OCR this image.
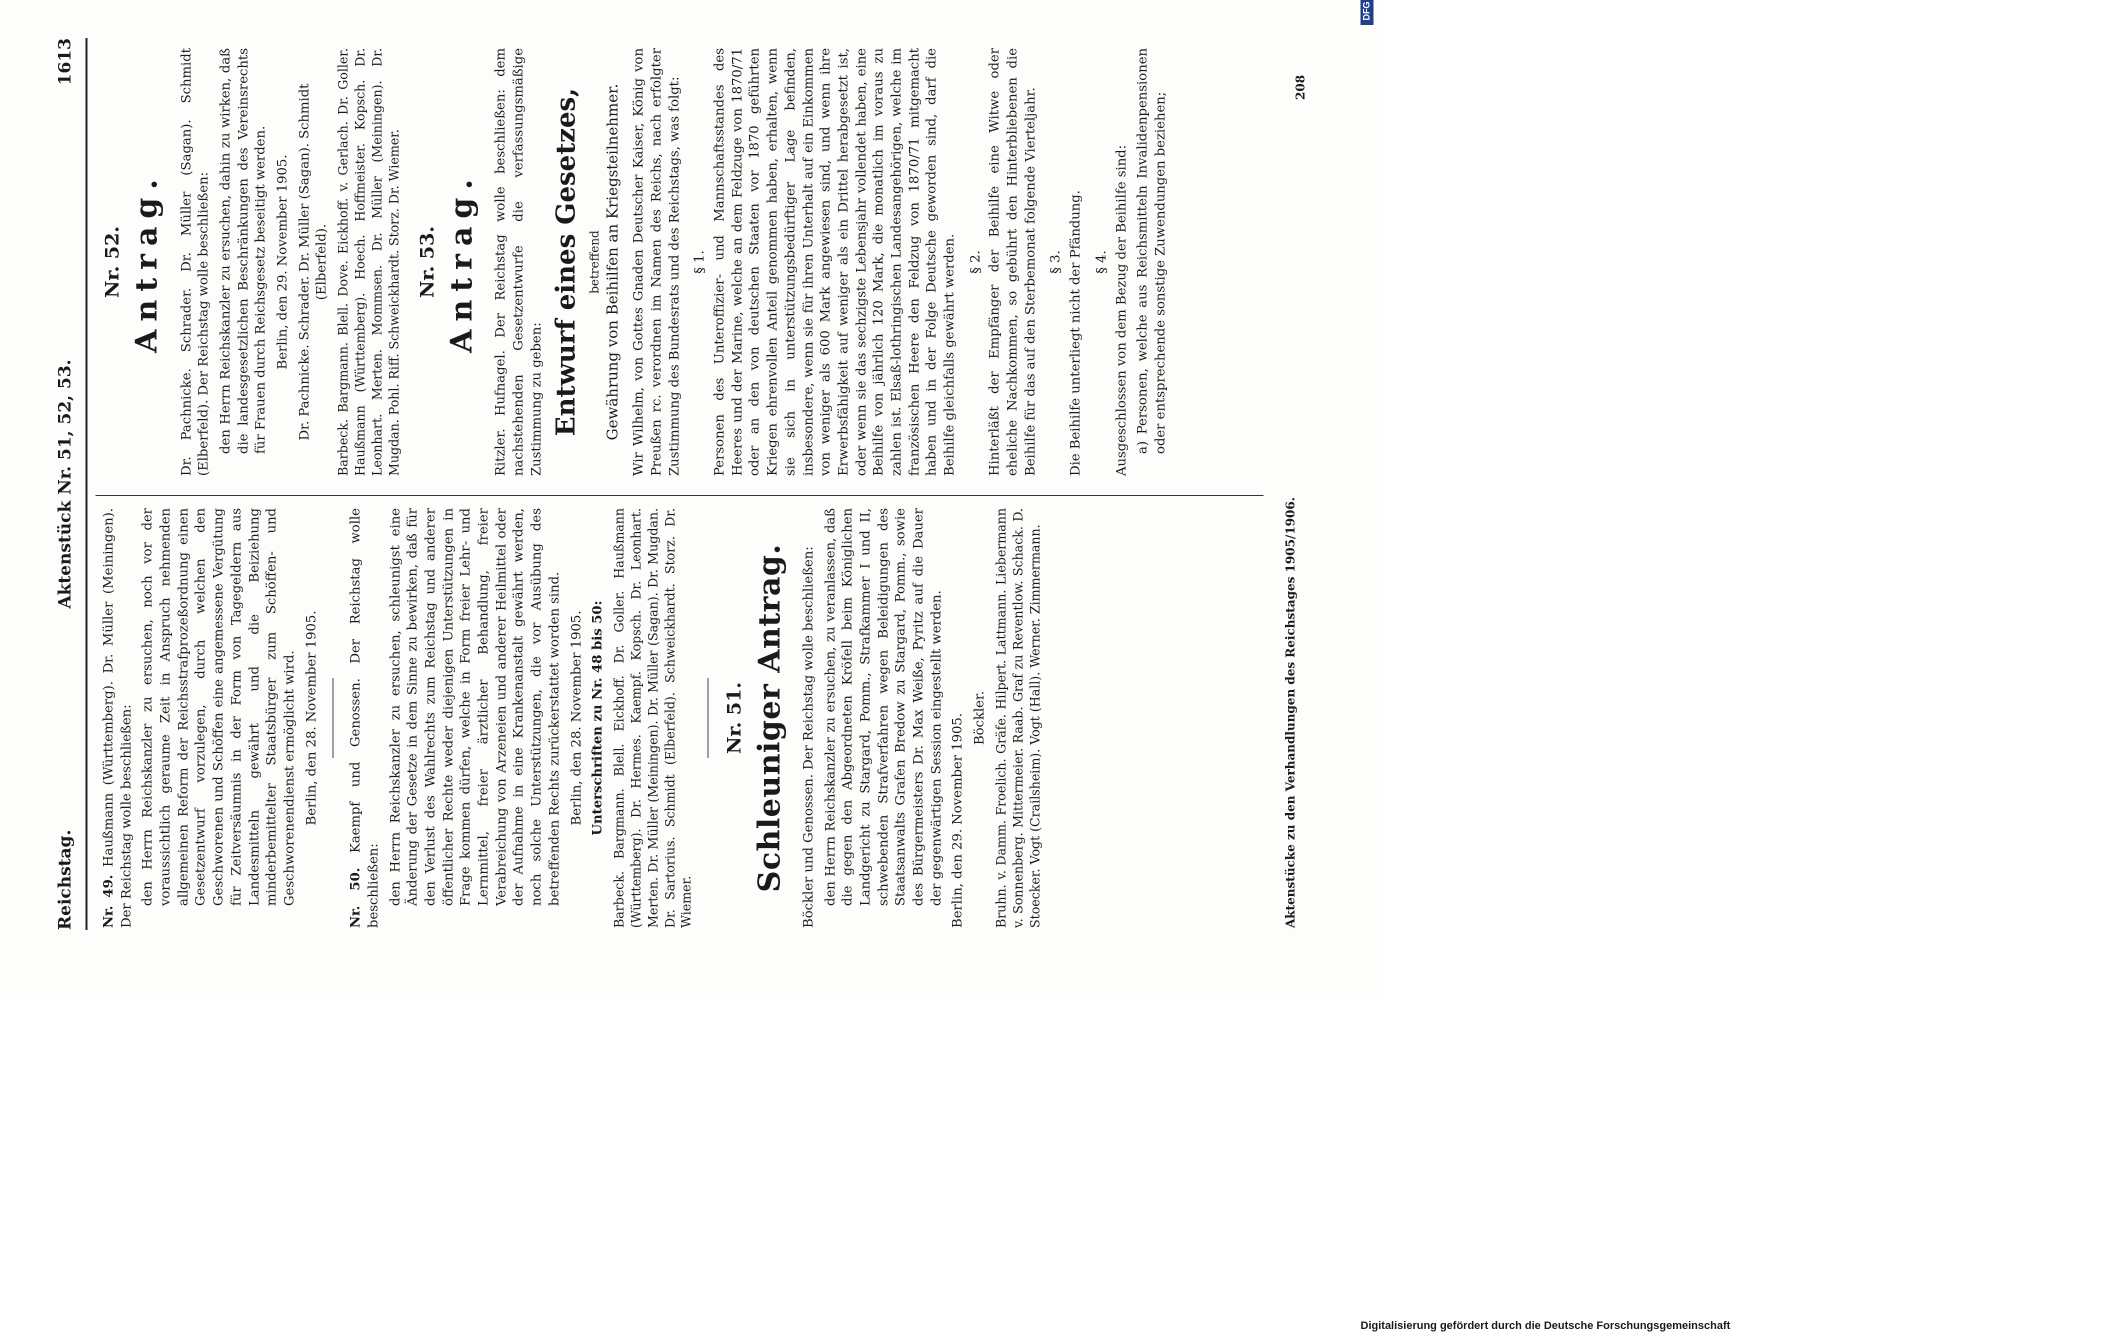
Reichstag.
Aktenstück Nr. 51, 52, 53.
1613

Nr. 49. Haußmann (Württemberg). Dr. Müller (Meiningen). Der Reichstag wolle beschließen: den Herrn Reichskanzler zu ersuchen, noch vor der voraussichtlich geraume Zeit in Anspruch nehmenden allgemeinen Reform der Reichsstrafprozeßordnung einen Gesetzentwurf vorzulegen, durch welchen den Geschworenen und Schöffen eine angemessene Vergütung für Zeitversäumnis in der Form von Tagegeldern aus Landesmitteln gewährt und die Beiziehung minderbemittelter Staatsbürger zum Schöffen- und Geschworenendienst ermöglicht wird. Berlin, den 28. November 1905.

Nr. 50. Kaempf und Genossen. Der Reichstag wolle beschließen: den Herrn Reichskanzler zu ersuchen, schleunigst eine Änderung der Gesetze in dem Sinne zu bewirken, daß für den Verlust des Wahlrechts zum Reichstag und anderer öffentlicher Rechte weder diejenigen Unterstützungen in Frage kommen dürfen, welche in Form freier Lehr- und Lernmittel, freier ärztlicher Behandlung, freier Verabreichung von Arzeneien und anderer Heilmittel oder der Aufnahme in eine Krankenanstalt gewährt werden, noch solche Unterstützungen, die vor Ausübung des betreffenden Rechts zurückerstattet worden sind. Berlin, den 28. November 1905. Unterschriften zu Nr. 48 bis 50: Barbeck. Bargmann. Blell. Eickhoff. Dr. Goller. Haußmann (Württemberg). Dr. Hermes. Kaempf. Kopsch. Dr. Leonhart. Merten. Dr. Müller (Meiningen). Dr. Müller (Sagan). Dr. Mugdan. Dr. Sartorius. Schmidt (Elberfeld). Schweickhardt. Storz. Dr. Wiemer.

Nr. 51. Schleuniger Antrag. Böckler und Genossen. Der Reichstag wolle beschließen: den Herrn Reichskanzler zu ersuchen, zu veranlassen, daß die gegen den Abgeordneten Kröfell beim Königlichen Landgericht zu Stargard, Pomm., Strafkammer I und II, schwebenden Strafverfahren wegen Beleidigungen des Staatsanwalts Grafen Bredow zu Stargard, Pomm., sowie des Bürgermeisters Dr. Max Weiße, Pyritz auf die Dauer der gegenwärtigen Session eingestellt werden. Berlin, den 29. November 1905. Böckler. Bruhn. v. Damm. Froelich. Gräfe. Hilpert. Lattmann. Liebermann v. Sonnenberg. Mittermeier. Raab. Graf zu Reventlow. Schack. D. Stoecker. Vogt (Crailsheim). Vogt (Hall). Werner. Zimmermann.

Nr. 52. Antrag. Dr. Pachnicke. Schrader. Dr. Müller (Sagan). Schmidt (Elberfeld). Der Reichstag wolle beschließen: den Herrn Reichskanzler zu ersuchen, dahin zu wirken, daß die landesgesetzlichen Beschränkungen des Vereinsrechts für Frauen durch Reichsgesetz beseitigt werden. Berlin, den 29. November 1905. Dr. Pachnicke. Schrader. Dr. Müller (Sagan). Schmidt (Elberfeld). Barbeck. Bargmann. Blell. Dove. Eickhoff. v. Gerlach. Dr. Goller. Haußmann (Württemberg). Hoech. Hoffmeister. Kopsch. Dr. Leonhart. Merten. Mommsen. Dr. Müller (Meiningen). Dr. Mugdan. Pohl. Riff. Schweickhardt. Storz. Dr. Wiemer. Nr. 53. Antrag. Ritzler. Hufnagel. Der Reichstag wolle beschließen: dem nachstehenden Gesetzentwurfe die verfassungsmäßige Zustimmung zu geben: Entwurf eines Gesetzes, betreffend Gewährung von Beihilfen an Kriegsteilnehmer. Wir Wilhelm, von Gottes Gnaden Deutscher Kaiser, König von Preußen rc. verordnen im Namen des Reichs, nach erfolgter Zustimmung des Bundesrats und des Reichstags, was folgt: § 1. Personen des Unteroffizier- und Mannschaftsstandes des Heeres und der Marine, welche an dem Feldzuge von 1870/71 oder an den von deutschen Staaten vor 1870 geführten Kriegen ehrenvollen Anteil genommen haben, erhalten, wenn sie sich in unterstützungsbedürftiger Lage befinden, insbesondere, wenn sie für ihren Unterhalt auf ein Einkommen von weniger als 600 Mark angewiesen sind, und wenn ihre Erwerbsfähigkeit auf weniger als ein Drittel herabgesetzt ist, oder wenn sie das sechzigste Lebensjahr vollendet haben, eine Beihilfe von jährlich 120 Mark, die monatlich im voraus zu zahlen ist. Elsaß-lothringischen Landesangehörigen, welche im französischen Heere den Feldzug von 1870/71 mitgemacht haben und in der Folge Deutsche geworden sind, darf die Beihilfe gleichfalls gewährt werden. § 2. Hinterläßt der Empfänger der Beihilfe eine Witwe oder eheliche Nachkommen, so gebührt den Hinterbliebenen die Beihilfe für das auf den Sterbemonat folgende Vierteljahr. § 3. Die Beihilfe unterliegt nicht der Pfändung. § 4. Ausgeschlossen von dem Bezug der Beihilfe sind: a) Personen, welche aus Reichsmitteln Invalidenpensionen oder entsprechende sonstige Zuwendungen beziehen;

Aktenstücke zu den Verhandlungen des Reichstages 1905/1906.
208
Digitalisierung gefördert durch die Deutsche Forschungsgemeinschaft
DFG
